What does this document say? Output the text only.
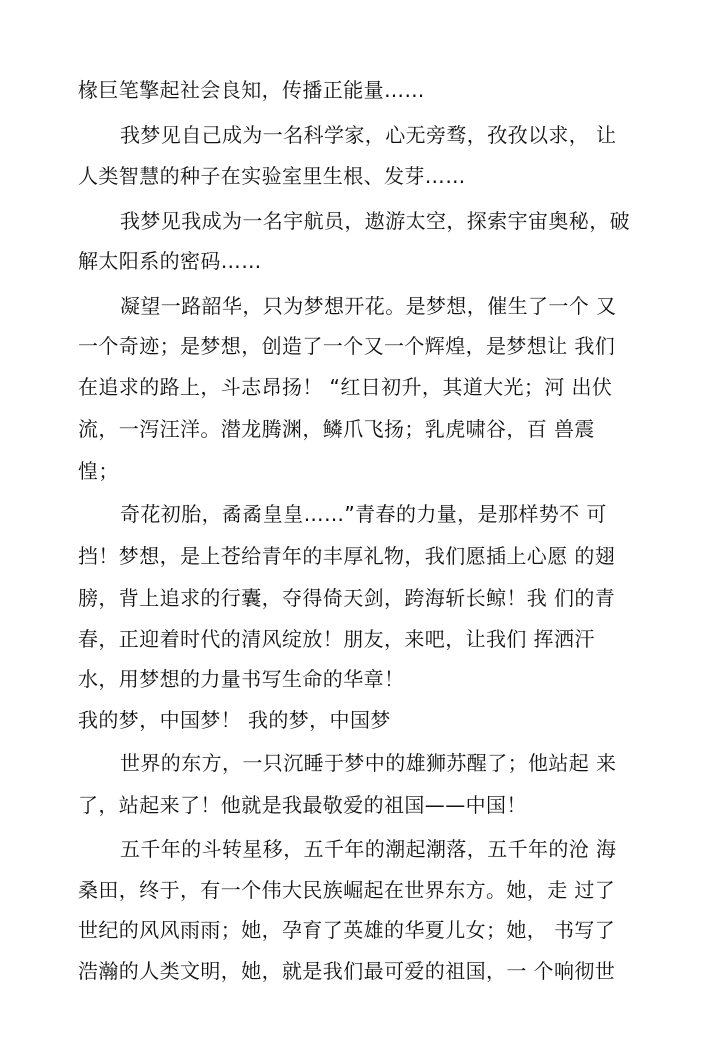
椽巨笔擎起社会良知，传播正能量……
我梦见自己成为一名科学家，心无旁骛，孜孜以求， 让
人类智慧的种子在实验室里生根、发芽……
我梦见我成为一名宇航员，遨游太空，探索宇宙奥秘，破
解太阳系的密码……
凝望一路韶华，只为梦想开花。是梦想，催生了一个 又
一个奇迹；是梦想，创造了一个又一个辉煌，是梦想让 我们
在追求的路上，斗志昂扬！ “红日初升，其道大光；河 出伏
流，一泻汪洋。潜龙腾渊，鳞爪飞扬；乳虎啸谷，百 兽震
惶；
奇花初胎，矞矞皇皇……”青春的力量，是那样势不 可
挡！梦想，是上苍给青年的丰厚礼物，我们愿插上心愿 的翅
膀，背上追求的行囊，夺得倚天剑，跨海斩长鲸！我 们的青
春，正迎着时代的清风绽放！朋友，来吧，让我们 挥洒汗
水，用梦想的力量书写生命的华章！
我的梦，中国梦！ 我的梦，中国梦
世界的东方，一只沉睡于梦中的雄狮苏醒了；他站起 来
了，站起来了！他就是我最敬爱的祖国——中国！
五千年的斗转星移，五千年的潮起潮落，五千年的沧 海
桑田，终于，有一个伟大民族崛起在世界东方。她，走 过了
世纪的风风雨雨；她，孕育了英雄的华夏儿女；她， 书写了
浩瀚的人类文明，她，就是我们最可爱的祖国，一 个响彻世
